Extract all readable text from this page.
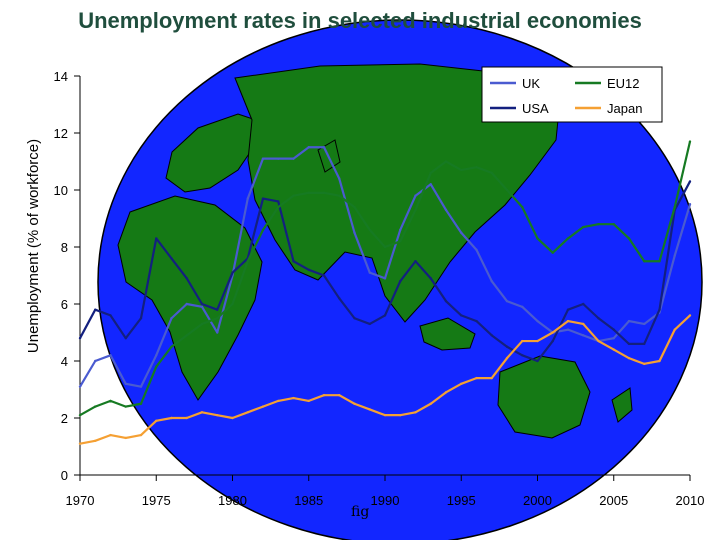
0
2
4
6
8
10
12
14
1970	1975	1980	1985	1990	1995	2000	2005	2010
UK
USA
EU12
Japan
Unemployment (% of workforce)
fig
Unemployment rates in selected industrial economies
